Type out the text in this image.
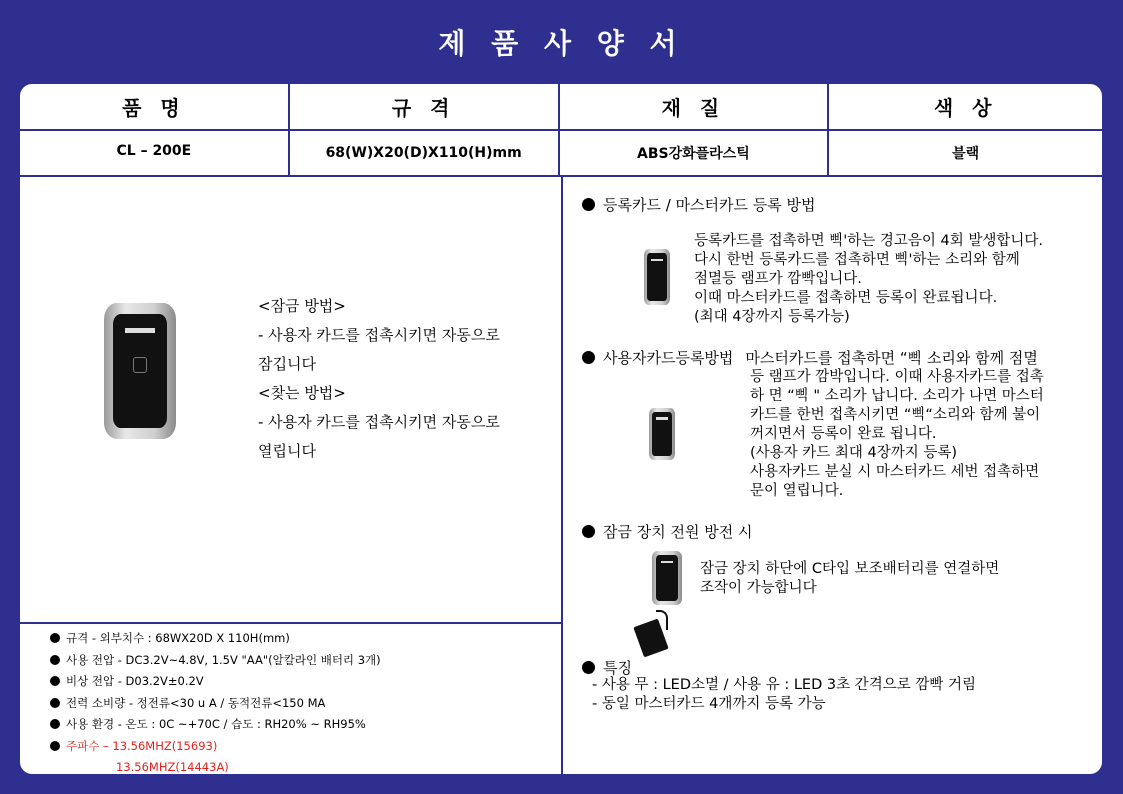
제 품 사 양 서
품 명	규 격	재 질	색 상
CL – 200E	68(W)X20(D)X110(H)mm	ABS강화플라스틱	블랙
<잠금 방법>
- 사용자 카드를 접촉시키면 자동으로
잠깁니다
<찾는 방법>
- 사용자 카드를 접촉시키면 자동으로
열립니다
규격 - 외부치수 : 68WX20D X 110H(mm)
사용 전압 - DC3.2V~4.8V, 1.5V "AA"(알칼라인 배터리 3개)
비상 전압 - D03.2V±0.2V
전력 소비량 - 정전류<30 u A / 동적전류<150 MA
사용 환경 - 온도 : 0C ~+70C / 습도 : RH20% ~ RH95%
주파수 – 13.56MHZ(15693)
13.56MHZ(14443A)
등록카드 / 마스터카드 등록 방법
등록카드를 접촉하면 삑'하는 경고음이 4회 발생합니다.
다시 한번 등록카드를 접촉하면 삑'하는 소리와 함께
점멸등 램프가 깜빡입니다.
이때 마스터카드를 접촉하면 등록이 완료됩니다.
(최대 4장까지 등록가능)
사용자카드등록방법 마스터카드를 접촉하면 “삑 소리와 함께 점멸
등 램프가 깜박입니다. 이때 사용자카드를 접촉
하 면 “삑 " 소리가 납니다. 소리가 나면 마스터
카드를 한번 접촉시키면 “삑“소리와 함께 불이
꺼지면서 등록이 완료 됩니다.
(사용자 카드 최대 4장까지 등록)
사용자카드 분실 시 마스터카드 세번 접촉하면
문이 열립니다.
잠금 장치 전원 방전 시
잠금 장치 하단에 C타입 보조배터리를 연결하면
조작이 가능합니다
특징
- 사용 무 : LED소멸 / 사용 유 : LED 3초 간격으로 깜빡 거림
- 동일 마스터카드 4개까지 등록 가능
